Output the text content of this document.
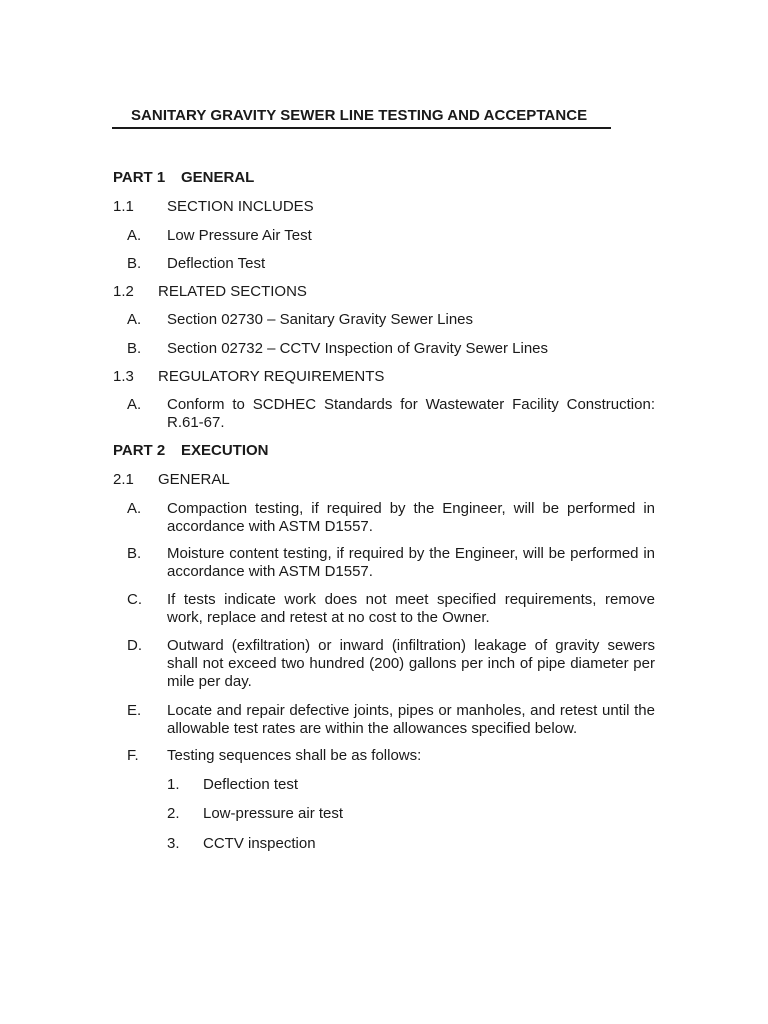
SANITARY GRAVITY SEWER LINE TESTING AND ACCEPTANCE
PART 1 GENERAL
1.1 SECTION INCLUDES
A. Low Pressure Air Test
B. Deflection Test
1.2 RELATED SECTIONS
A. Section 02730 – Sanitary Gravity Sewer Lines
B. Section 02732 – CCTV Inspection of Gravity Sewer Lines
1.3 REGULATORY REQUIREMENTS
A. Conform to SCDHEC Standards for Wastewater Facility Construction: R.61-67.
PART 2 EXECUTION
2.1 GENERAL
A. Compaction testing, if required by the Engineer, will be performed in accordance with ASTM D1557.
B. Moisture content testing, if required by the Engineer, will be performed in accordance with ASTM D1557.
C. If tests indicate work does not meet specified requirements, remove work, replace and retest at no cost to the Owner.
D. Outward (exfiltration) or inward (infiltration) leakage of gravity sewers shall not exceed two hundred (200) gallons per inch of pipe diameter per mile per day.
E. Locate and repair defective joints, pipes or manholes, and retest until the allowable test rates are within the allowances specified below.
F. Testing sequences shall be as follows:
1. Deflection test
2. Low-pressure air test
3. CCTV inspection
